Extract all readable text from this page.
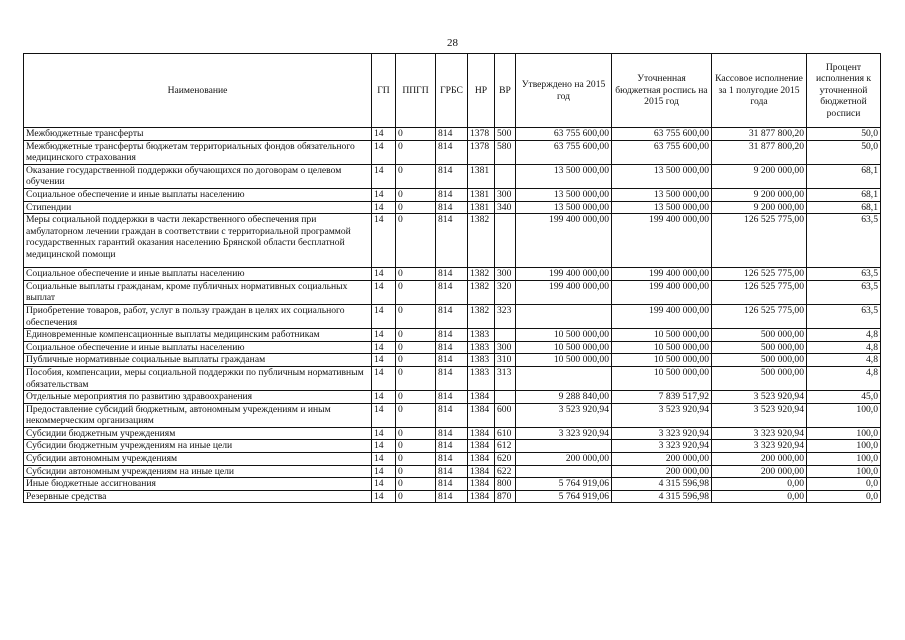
28
Наименование	ГП	ППГП	ГРБС	НР	ВР	Утверждено на 2015 год	Уточненная бюджетная роспись на 2015 год	Кассовое исполнение за 1 полугодие 2015 года	Процент исполнения к уточненной бюджетной росписи
Межбюджетные трансферты	14	0	814	1378	500	63 755 600,00	63 755 600,00	31 877 800,20	50,0
Межбюджетные трансферты бюджетам территориальных фондов обязательного медицинского страхования	14	0	814	1378	580	63 755 600,00	63 755 600,00	31 877 800,20	50,0
Оказание государственной поддержки обучающихся по договорам о целевом обучении	14	0	814	1381		13 500 000,00	13 500 000,00	9 200 000,00	68,1
Социальное обеспечение и иные выплаты населению	14	0	814	1381	300	13 500 000,00	13 500 000,00	9 200 000,00	68,1
Стипендии	14	0	814	1381	340	13 500 000,00	13 500 000,00	9 200 000,00	68,1
Меры социальной поддержки в части лекарственного обеспечения при амбулаторном лечении граждан в соответствии с территориальной программой государственных гарантий оказания населению Брянской области бесплатной медицинской помощи	14	0	814	1382		199 400 000,00	199 400 000,00	126 525 775,00	63,5
Социальное обеспечение и иные выплаты населению	14	0	814	1382	300	199 400 000,00	199 400 000,00	126 525 775,00	63,5
Социальные выплаты гражданам, кроме публичных нормативных социальных выплат	14	0	814	1382	320	199 400 000,00	199 400 000,00	126 525 775,00	63,5
Приобретение товаров, работ, услуг в пользу граждан в целях их социального обеспечения	14	0	814	1382	323		199 400 000,00	126 525 775,00	63,5
Единовременные компенсационные выплаты медицинским работникам	14	0	814	1383		10 500 000,00	10 500 000,00	500 000,00	4,8
Социальное обеспечение и иные выплаты населению	14	0	814	1383	300	10 500 000,00	10 500 000,00	500 000,00	4,8
Публичные нормативные социальные выплаты гражданам	14	0	814	1383	310	10 500 000,00	10 500 000,00	500 000,00	4,8
Пособия, компенсации, меры социальной поддержки по публичным нормативным обязательствам	14	0	814	1383	313		10 500 000,00	500 000,00	4,8
Отдельные мероприятия по развитию здравоохранения	14	0	814	1384		9 288 840,00	7 839 517,92	3 523 920,94	45,0
Предоставление субсидий бюджетным, автономным учреждениям и иным некоммерческим организациям	14	0	814	1384	600	3 523 920,94	3 523 920,94	3 523 920,94	100,0
Субсидии бюджетным учреждениям	14	0	814	1384	610	3 323 920,94	3 323 920,94	3 323 920,94	100,0
Субсидии бюджетным учреждениям на иные цели	14	0	814	1384	612		3 323 920,94	3 323 920,94	100,0
Субсидии автономным учреждениям	14	0	814	1384	620	200 000,00	200 000,00	200 000,00	100,0
Субсидии автономным учреждениям на иные цели	14	0	814	1384	622		200 000,00	200 000,00	100,0
Иные бюджетные ассигнования	14	0	814	1384	800	5 764 919,06	4 315 596,98	0,00	0,0
Резервные средства	14	0	814	1384	870	5 764 919,06	4 315 596,98	0,00	0,0
